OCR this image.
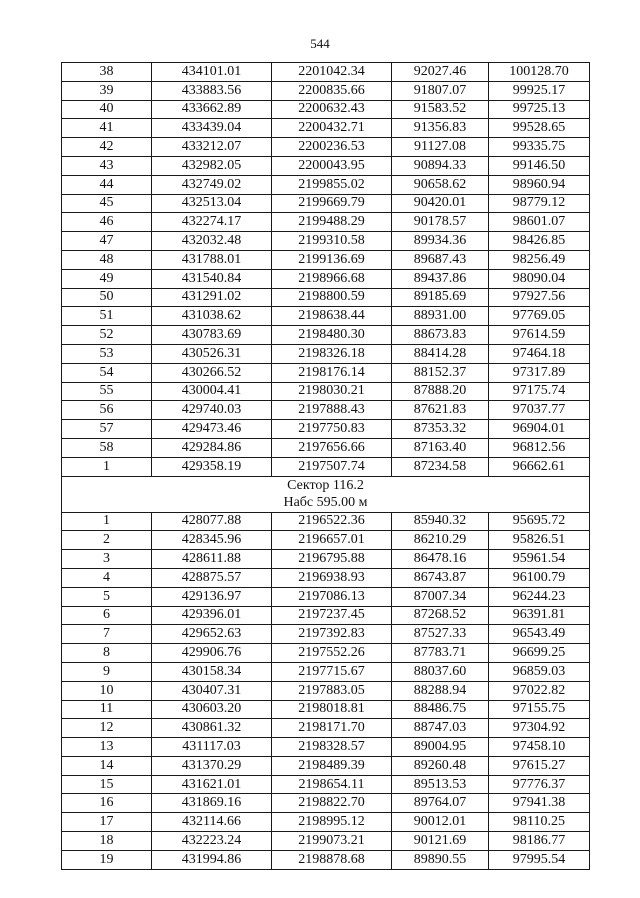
544
38	434101.01	2201042.34	92027.46	100128.70
39	433883.56	2200835.66	91807.07	99925.17
40	433662.89	2200632.43	91583.52	99725.13
41	433439.04	2200432.71	91356.83	99528.65
42	433212.07	2200236.53	91127.08	99335.75
43	432982.05	2200043.95	90894.33	99146.50
44	432749.02	2199855.02	90658.62	98960.94
45	432513.04	2199669.79	90420.01	98779.12
46	432274.17	2199488.29	90178.57	98601.07
47	432032.48	2199310.58	89934.36	98426.85
48	431788.01	2199136.69	89687.43	98256.49
49	431540.84	2198966.68	89437.86	98090.04
50	431291.02	2198800.59	89185.69	97927.56
51	431038.62	2198638.44	88931.00	97769.05
52	430783.69	2198480.30	88673.83	97614.59
53	430526.31	2198326.18	88414.28	97464.18
54	430266.52	2198176.14	88152.37	97317.89
55	430004.41	2198030.21	87888.20	97175.74
56	429740.03	2197888.43	87621.83	97037.77
57	429473.46	2197750.83	87353.32	96904.01
58	429284.86	2197656.66	87163.40	96812.56
1	429358.19	2197507.74	87234.58	96662.61

Сектор 116.2
Набс 595.00 м				

1	428077.88	2196522.36	85940.32	95695.72
2	428345.96	2196657.01	86210.29	95826.51
3	428611.88	2196795.88	86478.16	95961.54
4	428875.57	2196938.93	86743.87	96100.79
5	429136.97	2197086.13	87007.34	96244.23
6	429396.01	2197237.45	87268.52	96391.81
7	429652.63	2197392.83	87527.33	96543.49
8	429906.76	2197552.26	87783.71	96699.25
9	430158.34	2197715.67	88037.60	96859.03
10	430407.31	2197883.05	88288.94	97022.82
11	430603.20	2198018.81	88486.75	97155.75
12	430861.32	2198171.70	88747.03	97304.92
13	431117.03	2198328.57	89004.95	97458.10
14	431370.29	2198489.39	89260.48	97615.27
15	431621.01	2198654.11	89513.53	97776.37
16	431869.16	2198822.70	89764.07	97941.38
17	432114.66	2198995.12	90012.01	98110.25
18	432223.24	2199073.21	90121.69	98186.77
19	431994.86	2198878.68	89890.55	97995.54
